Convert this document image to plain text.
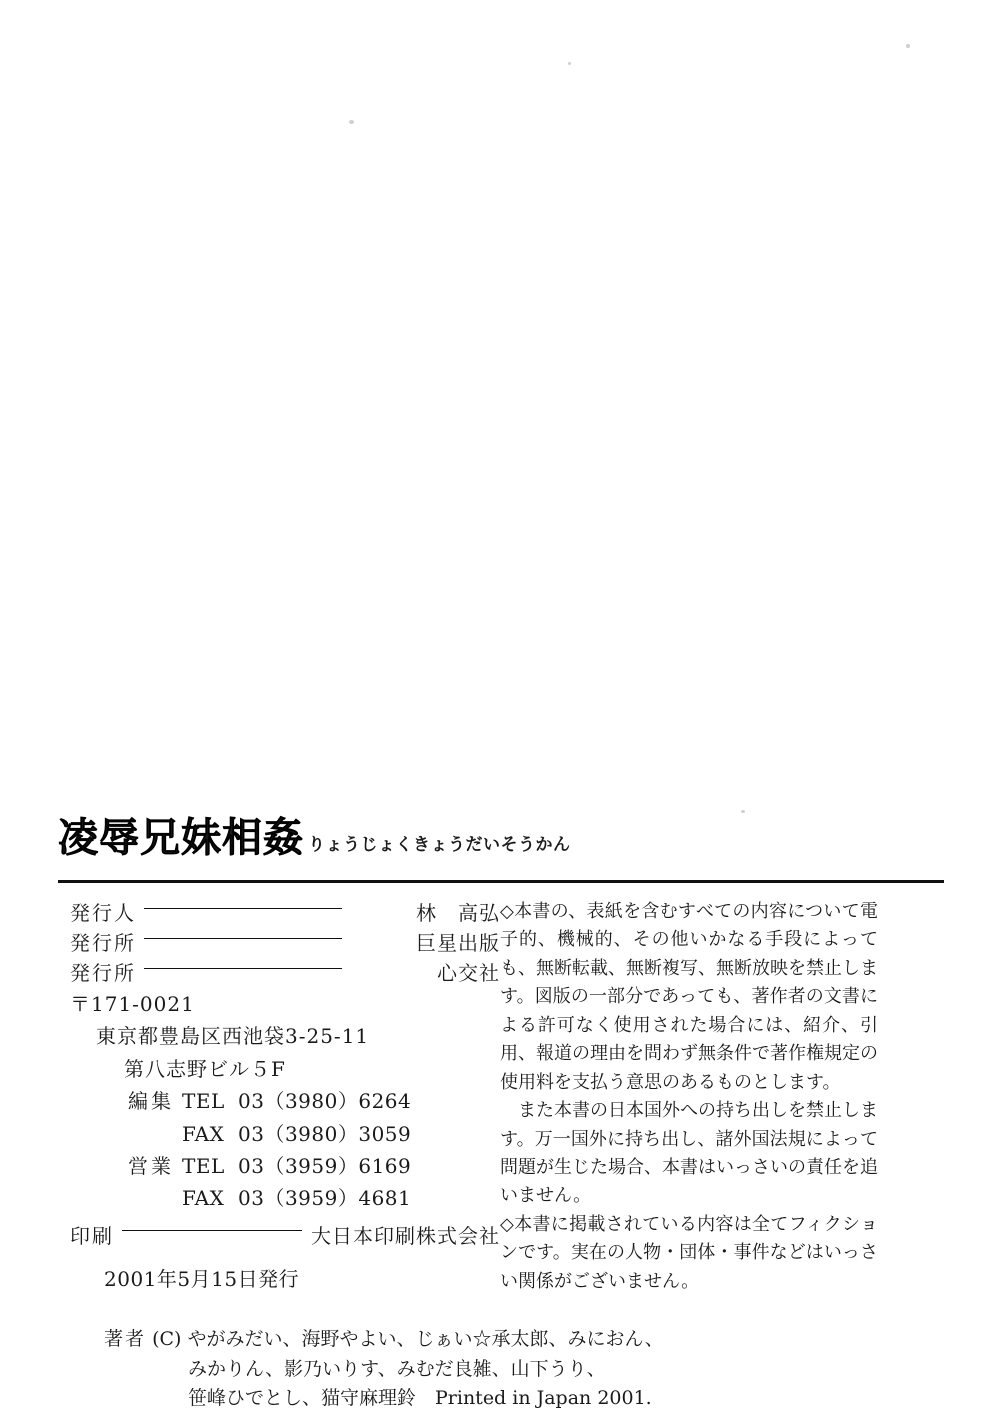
凌辱兄妹相姦 りょうじょくきょうだいそうかん
発行人	林　高弘
発行所	巨星出版
発行所	心交社
〒171-0021
東京都豊島区西池袋3-25-11
第八志野ビル５F
編集 TEL 03（3980）6264
FAX 03（3980）3059
営業 TEL 03（3959）6169
FAX 03（3959）4681
印刷	大日本印刷株式会社
2001年5月15日発行
著者 (C) やがみだい、海野やよい、じぁい☆承太郎、みにおん、
みかりん、影乃いりす、みむだ良雑、山下うり、
笹峰ひでとし、猫守麻理鈴　Printed in Japan 2001.

◇本書の、表紙を含むすべての内容について電子的、機械的、その他いかなる手段によっても、無断転載、無断複写、無断放映を禁止します。図版の一部分であっても、著作者の文書による許可なく使用された場合には、紹介、引用、報道の理由を問わず無条件で著作権規定の使用料を支払う意思のあるものとします。

また本書の日本国外への持ち出しを禁止します。万一国外に持ち出し、諸外国法規によって問題が生じた場合、本書はいっさいの責任を追いません。

◇本書に掲載されている内容は全てフィクションです。実在の人物・団体・事件などはいっさい関係がございません。
